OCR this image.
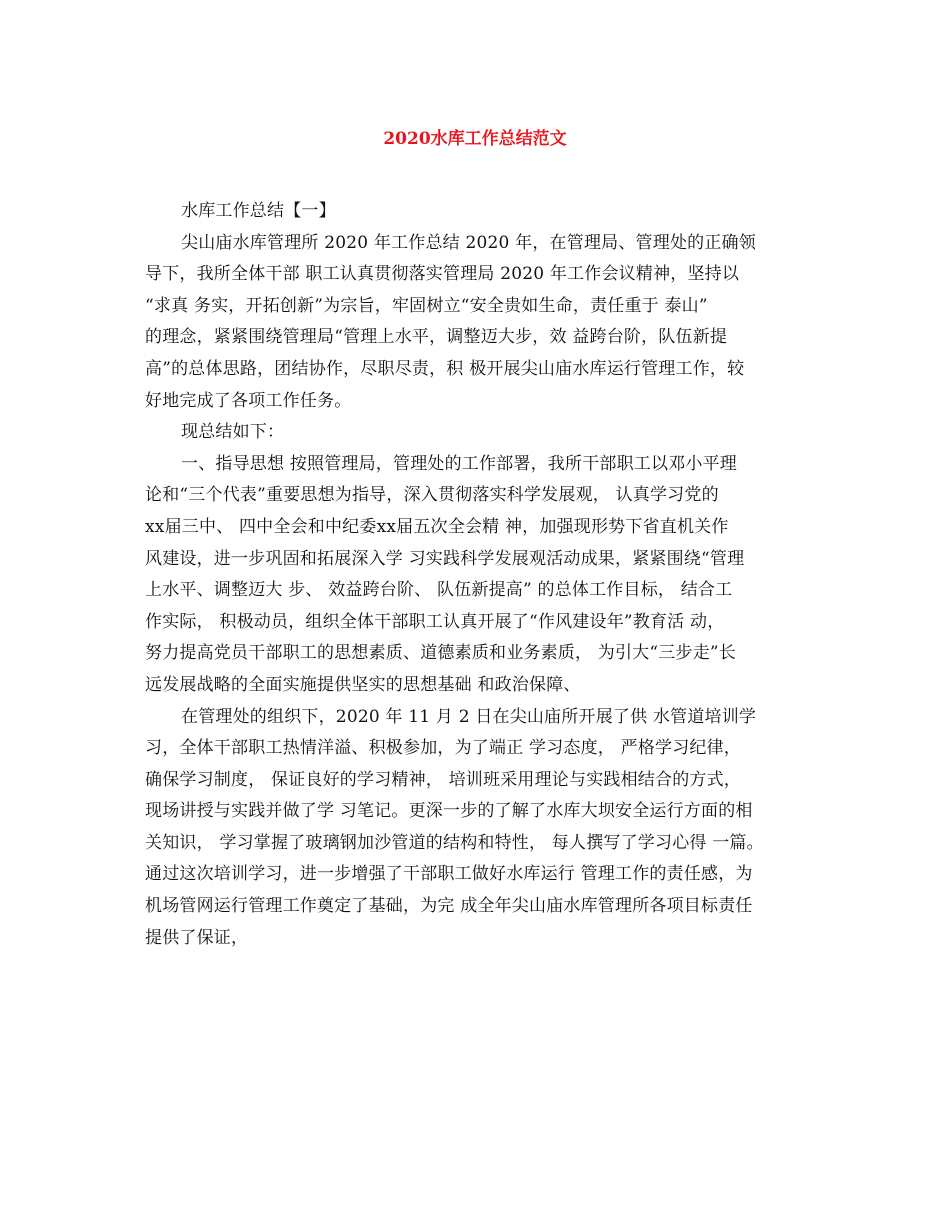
2020水库工作总结范文
水库工作总结【一】
尖山庙水库管理所 2020 年工作总结 2020 年，在管理局、管理处的正确领
导下，我所全体干部 职工认真贯彻落实管理局 2020 年工作会议精神，坚持以
“求真 务实，开拓创新”为宗旨，牢固树立“安全贵如生命，责任重于 泰山”
的理念，紧紧围绕管理局“管理上水平，调整迈大步，效 益跨台阶，队伍新提
高”的总体思路，团结协作，尽职尽责，积 极开展尖山庙水库运行管理工作，较
好地完成了各项工作任务。
现总结如下：
一、指导思想 按照管理局，管理处的工作部署，我所干部职工以邓小平理
论和“三个代表”重要思想为指导，深入贯彻落实科学发展观， 认真学习党的
xx届三中、 四中全会和中纪委xx届五次全会精 神，加强现形势下省直机关作
风建设，进一步巩固和拓展深入学 习实践科学发展观活动成果，紧紧围绕“管理
上水平、调整迈大 步、 效益跨台阶、 队伍新提高” 的总体工作目标， 结合工
作实际， 积极动员，组织全体干部职工认真开展了“作风建设年”教育活 动，
努力提高党员干部职工的思想素质、道德素质和业务素质， 为引大“三步走”长
远发展战略的全面实施提供坚实的思想基础 和政治保障、
在管理处的组织下，2020 年 11 月 2 日在尖山庙所开展了供 水管道培训学
习，全体干部职工热情洋溢、积极参加，为了端正 学习态度， 严格学习纪律，
确保学习制度， 保证良好的学习精神， 培训班采用理论与实践相结合的方式，
现场讲授与实践并做了学 习笔记。更深一步的了解了水库大坝安全运行方面的相
关知识， 学习掌握了玻璃钢加沙管道的结构和特性， 每人撰写了学习心得 一篇。
通过这次培训学习，进一步增强了干部职工做好水库运行 管理工作的责任感，为
机场管网运行管理工作奠定了基础，为完 成全年尖山庙水库管理所各项目标责任
提供了保证，
